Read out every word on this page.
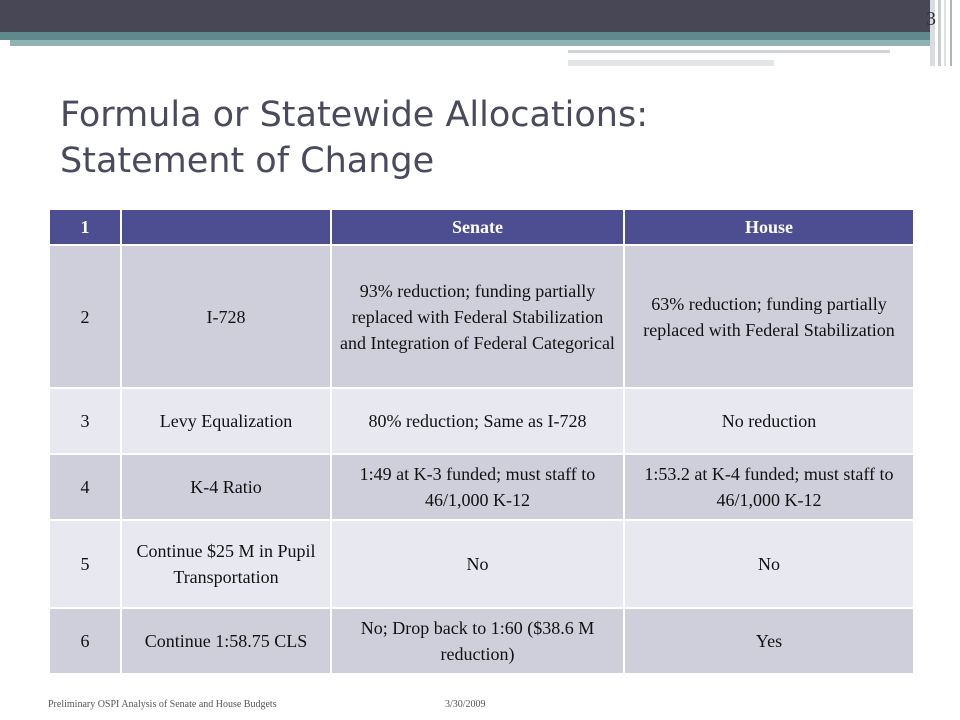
3
Formula or Statewide Allocations:
Statement of Change
1		Senate	House
2	I-728	93% reduction; funding partially replaced with Federal Stabilization and Integration of Federal Categorical	63% reduction; funding partially replaced with Federal Stabilization
3	Levy Equalization	80% reduction; Same as I-728	No reduction
4	K-4 Ratio	1:49 at K-3 funded; must staff to 46/1,000 K-12	1:53.2 at K-4 funded; must staff to 46/1,000 K-12
5	Continue $25 M in Pupil Transportation	No	No
6	Continue 1:58.75 CLS	No; Drop back to 1:60 ($38.6 M reduction)	Yes
Preliminary OSPI Analysis of Senate and House Budgets	3/30/2009
